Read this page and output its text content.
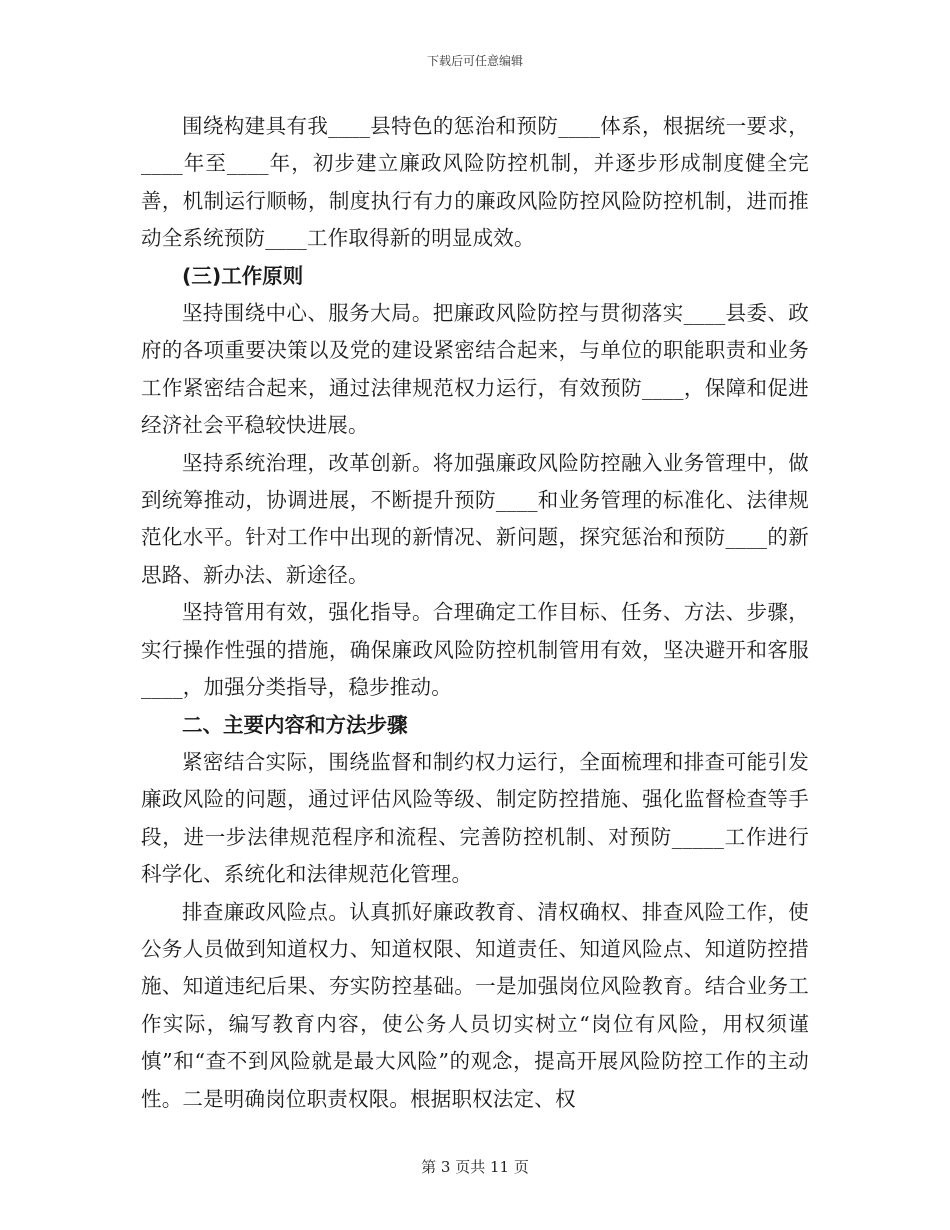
下载后可任意编辑

围绕构建具有我____县特色的惩治和预防____体系，根据统一要求，____年至____年，初步建立廉政风险防控机制，并逐步形成制度健全完善，机制运行顺畅，制度执行有力的廉政风险防控风险防控机制，进而推动全系统预防____工作取得新的明显成效。

(三)工作原则

坚持围绕中心、服务大局。把廉政风险防控与贯彻落实____县委、政府的各项重要决策以及党的建设紧密结合起来，与单位的职能职责和业务工作紧密结合起来，通过法律规范权力运行，有效预防____，保障和促进经济社会平稳较快进展。

坚持系统治理，改革创新。将加强廉政风险防控融入业务管理中，做到统筹推动，协调进展，不断提升预防____和业务管理的标准化、法律规范化水平。针对工作中出现的新情况、新问题，探究惩治和预防____的新思路、新办法、新途径。

坚持管用有效，强化指导。合理确定工作目标、任务、方法、步骤，实行操作性强的措施，确保廉政风险防控机制管用有效，坚决避开和客服____，加强分类指导，稳步推动。

二、主要内容和方法步骤

紧密结合实际，围绕监督和制约权力运行，全面梳理和排查可能引发廉政风险的问题，通过评估风险等级、制定防控措施、强化监督检查等手段，进一步法律规范程序和流程、完善防控机制、对预防_____工作进行科学化、系统化和法律规范化管理。

排查廉政风险点。认真抓好廉政教育、清权确权、排查风险工作，使公务人员做到知道权力、知道权限、知道责任、知道风险点、知道防控措施、知道违纪后果、夯实防控基础。一是加强岗位风险教育。结合业务工作实际，编写教育内容，使公务人员切实树立“岗位有风险，用权须谨慎”和“查不到风险就是最大风险”的观念，提高开展风险防控工作的主动性。二是明确岗位职责权限。根据职权法定、权

第 3 页共 11 页
